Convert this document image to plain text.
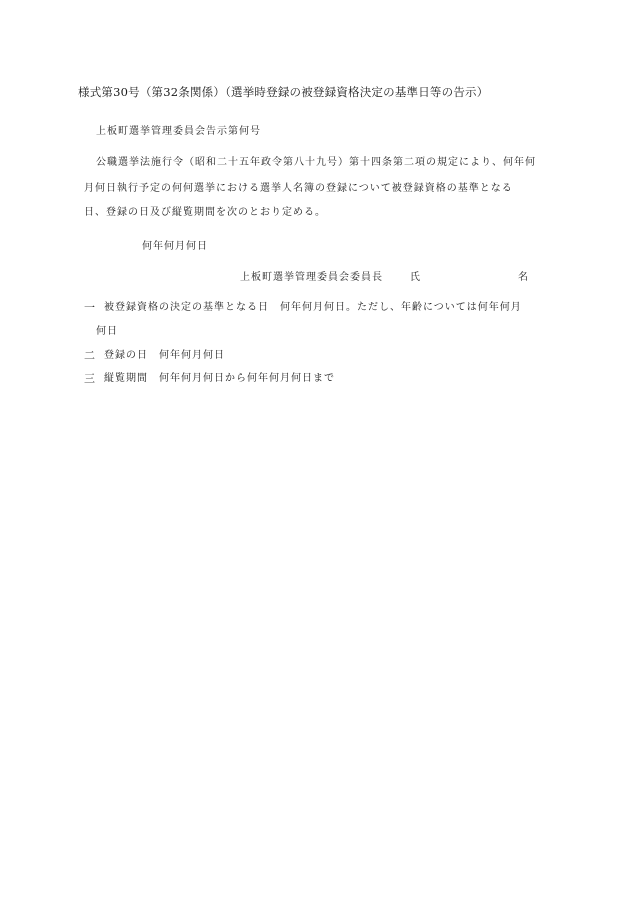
様式第30号（第32条関係）（選挙時登録の被登録資格決定の基準日等の告示）
上板町選挙管理委員会告示第何号
公職選挙法施行令（昭和二十五年政令第八十九号）第十四条第二項の規定により、何年何
月何日執行予定の何何選挙における選挙人名簿の登録について被登録資格の基準となる
日、登録の日及び縦覧期間を次のとおり定める。
何年何月何日
上板町選挙管理委員会委員長	氏	名
一 被登録資格の決定の基準となる日　何年何月何日。ただし、年齢については何年何月
何日
二 登録の日　何年何月何日
三 縦覧期間　何年何月何日から何年何月何日まで
